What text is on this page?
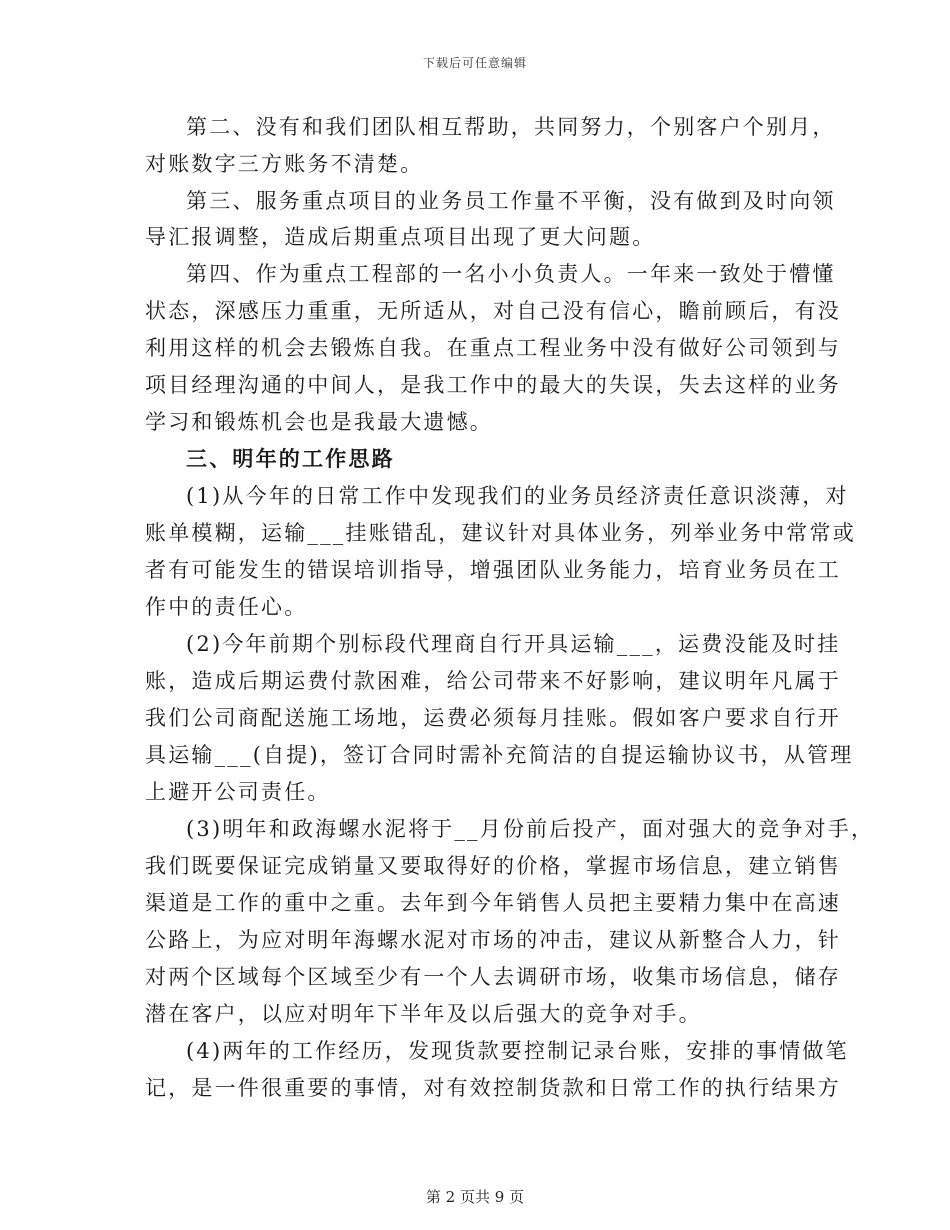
下载后可任意编辑
第二、没有和我们团队相互帮助，共同努力，个别客户个别月，
对账数字三方账务不清楚。
第三、服务重点项目的业务员工作量不平衡，没有做到及时向领
导汇报调整，造成后期重点项目出现了更大问题。
第四、作为重点工程部的一名小小负责人。一年来一致处于懵懂
状态，深感压力重重，无所适从，对自己没有信心，瞻前顾后，有没
利用这样的机会去锻炼自我。在重点工程业务中没有做好公司领到与
项目经理沟通的中间人，是我工作中的最大的失误，失去这样的业务
学习和锻炼机会也是我最大遗憾。
三、明年的工作思路
(1)从今年的日常工作中发现我们的业务员经济责任意识淡薄，对
账单模糊，运输___挂账错乱，建议针对具体业务，列举业务中常常或
者有可能发生的错误培训指导，增强团队业务能力，培育业务员在工
作中的责任心。
(2)今年前期个别标段代理商自行开具运输___，运费没能及时挂
账，造成后期运费付款困难，给公司带来不好影响，建议明年凡属于
我们公司商配送施工场地，运费必须每月挂账。假如客户要求自行开
具运输___(自提)，签订合同时需补充简洁的自提运输协议书，从管理
上避开公司责任。
(3)明年和政海螺水泥将于__月份前后投产，面对强大的竞争对手，
我们既要保证完成销量又要取得好的价格，掌握市场信息，建立销售
渠道是工作的重中之重。去年到今年销售人员把主要精力集中在高速
公路上，为应对明年海螺水泥对市场的冲击，建议从新整合人力，针
对两个区域每个区域至少有一个人去调研市场，收集市场信息，储存
潜在客户，以应对明年下半年及以后强大的竞争对手。
(4)两年的工作经历，发现货款要控制记录台账，安排的事情做笔
记，是一件很重要的事情，对有效控制货款和日常工作的执行结果方
第 2 页共 9 页
